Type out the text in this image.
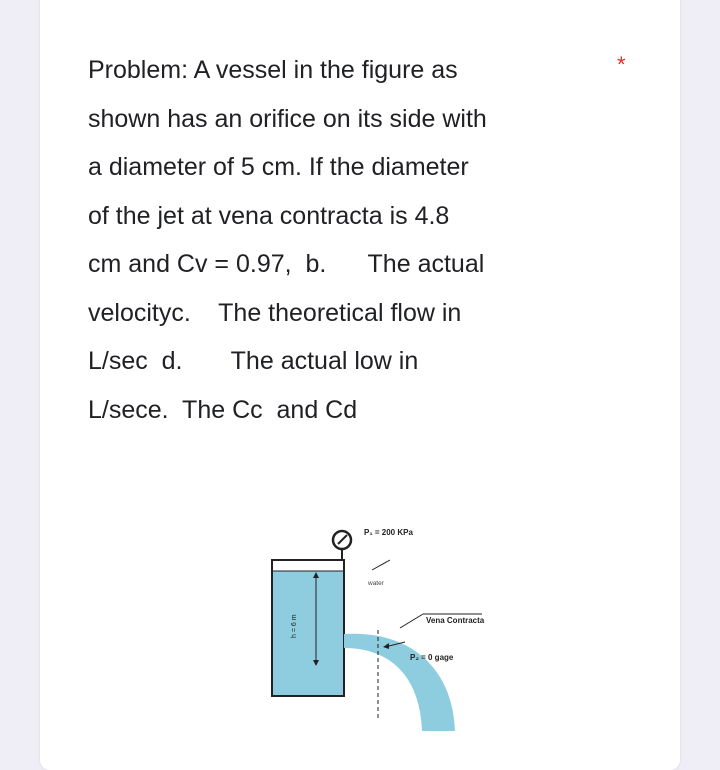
Problem: A vessel in the figure as
shown has an orifice on its side with
a diameter of 5 cm. If the diameter
of the jet at vena contracta is 4.8
cm and Cv = 0.97,  b.      The actual
velocityc.    The theoretical flow in
L/sec  d.       The actual low in
L/sece.  The Cc  and Cd

*
P₁ = 200 KPa
water
h = 6 m	Vena Contracta
P₂ = 0 gage
